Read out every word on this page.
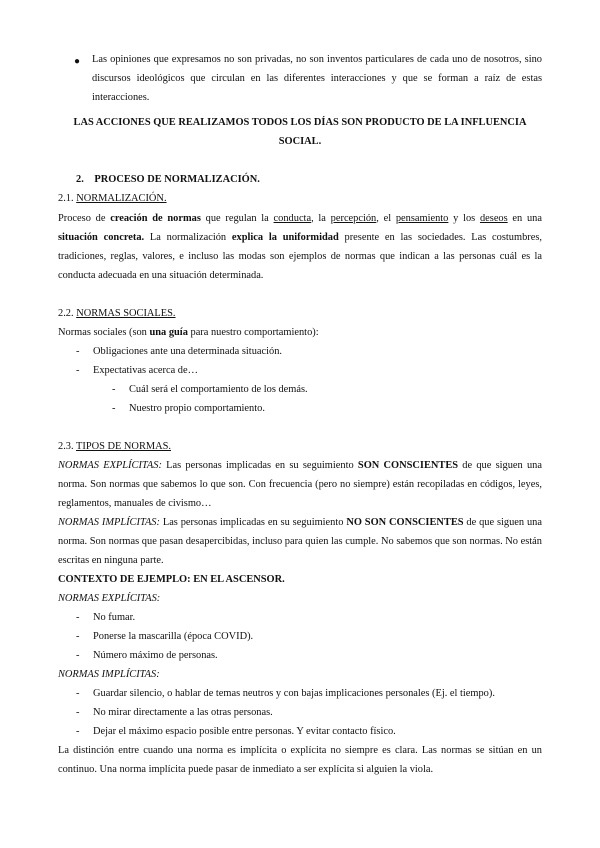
● Las opiniones que expresamos no son privadas, no son inventos particulares de cada uno de nosotros, sino discursos ideológicos que circulan en las diferentes interacciones y que se forman a raíz de estas interacciones.

LAS ACCIONES QUE REALIZAMOS TODOS LOS DÍAS SON PRODUCTO DE LA INFLUENCIA SOCIAL.

2. PROCESO DE NORMALIZACIÓN.
2.1. NORMALIZACIÓN.

Proceso de creación de normas que regulan la conducta, la percepción, el pensamiento y los deseos en una situación concreta. La normalización explica la uniformidad presente en las sociedades. Las costumbres, tradiciones, reglas, valores, e incluso las modas son ejemplos de normas que indican a las personas cuál es la conducta adecuada en una situación determinada.

2.2. NORMAS SOCIALES.
Normas sociales (son una guía para nuestro comportamiento):
-	Obligaciones ante una determinada situación.
-	Expectativas acerca de…
-	Cuál será el comportamiento de los demás.
-	Nuestro propio comportamiento.
2.3. TIPOS DE NORMAS.

NORMAS EXPLÍCITAS: Las personas implicadas en su seguimiento SON CONSCIENTES de que siguen una norma. Son normas que sabemos lo que son. Con frecuencia (pero no siempre) están recopiladas en códigos, leyes, reglamentos, manuales de civismo…

NORMAS IMPLÍCITAS: Las personas implicadas en su seguimiento NO SON CONSCIENTES de que siguen una norma. Son normas que pasan desapercibidas, incluso para quien las cumple. No sabemos que son normas. No están escritas en ninguna parte.

CONTEXTO DE EJEMPLO: EN EL ASCENSOR.
NORMAS EXPLÍCITAS:
-	No fumar.
-	Ponerse la mascarilla (época COVID).
-	Número máximo de personas.
NORMAS IMPLÍCITAS:
-	Guardar silencio, o hablar de temas neutros y con bajas implicaciones personales (Ej. el tiempo).
-	No mirar directamente a las otras personas.
-	Dejar el máximo espacio posible entre personas. Y evitar contacto físico.

La distinción entre cuando una norma es implícita o explícita no siempre es clara. Las normas se sitúan en un continuo. Una norma implícita puede pasar de inmediato a ser explícita si alguien la viola.
